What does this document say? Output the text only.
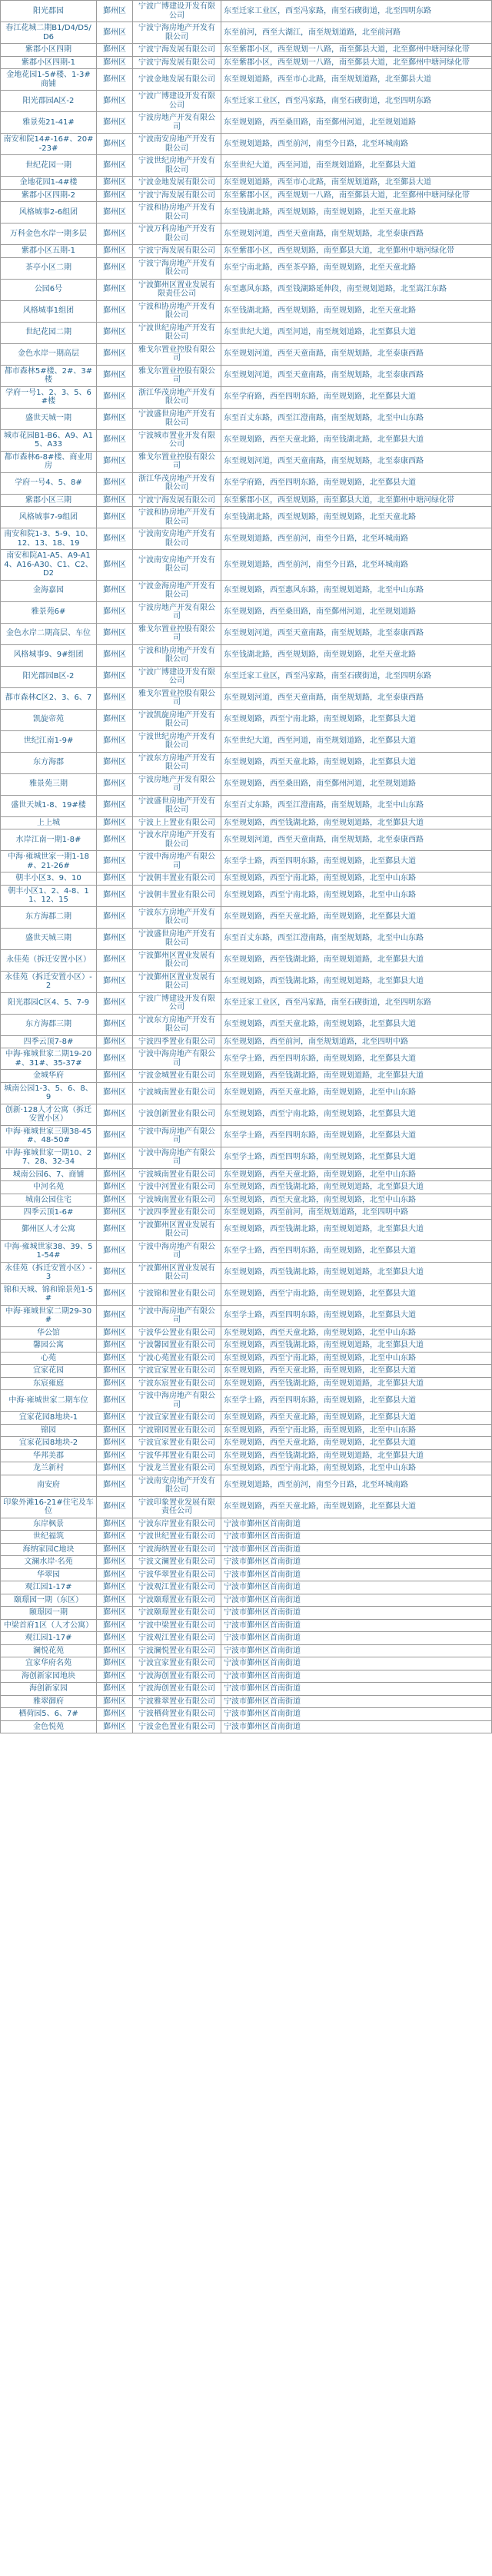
阳光郡园	鄞州区	宁波广博建设开发有限公司	东至迁家工业区，西至冯家路，南至石碶街道，北至四明东路
春江花城二期B1/D4/D5/D6	鄞州区	宁波宁海房地产开发有限公司	东至前河，西至大湖江，南至规划道路，北至前河路
紫郡小区四期	鄞州区	宁波宁海发展有限公司	东至紫郡小区，西至规划一八路，南至鄞县大道，北至鄞州中塘河绿化带
紫郡小区四期-1	鄞州区	宁波宁海发展有限公司	东至紫郡小区，西至规划一八路，南至鄞县大道，北至鄞州中塘河绿化带
金地花园1-5#楼、1-3#商铺	鄞州区	宁波金地发展有限公司	东至规划道路，西至市心北路，南至规划道路，北至鄞县大道
阳光郡园A区-2	鄞州区	宁波广博建设开发有限公司	东至迁家工业区，西至冯家路，南至石碶街道，北至四明东路
雅景苑21-41#	鄞州区	宁波房地产开发有限公司	东至规划路，西至桑田路，南至鄞州河道，北至规划道路
南安和院14#-16#、20#-23#	鄞州区	宁波南安房地产开发有限公司	东至规划道路，西至前河，南至今日路，北至环城南路
世纪花园一期	鄞州区	宁波世纪房地产开发有限公司	东至世纪大道，西至河道，南至规划道路，北至鄞县大道
金地花园1-4#楼	鄞州区	宁波金地发展有限公司	东至规划道路，西至市心北路，南至规划道路，北至鄞县大道
紫郡小区四期-2	鄞州区	宁波宁海发展有限公司	东至紫郡小区，西至规划一八路，南至鄞县大道，北至鄞州中塘河绿化带
风格城事2-6组团	鄞州区	宁波和协房地产开发有限公司	东至钱湖北路，西至规划路，南至规划路，北至天童北路
万科金色水岸一期多层	鄞州区	宁波万科房地产开发有限公司	东至规划河道，西至天童南路，南至规划路，北至泰康西路
紫郡小区五期-1	鄞州区	宁波宁海发展有限公司	东至紫郡小区，西至规划路，南至鄞县大道，北至鄞州中塘河绿化带
茶亭小区二期	鄞州区	宁波宁海房地产开发有限公司	东至宁南北路，西至茶亭路，南至规划路，北至天童北路
公园6号	鄞州区	宁波鄞州区置业发展有限责任公司	东至惠风东路，西至钱湖路延伸段，南至规划道路，北至嵩江东路
风格城事1组团	鄞州区	宁波和协房地产开发有限公司	东至钱湖北路，西至规划路，南至规划路，北至天童北路
世纪花园二期	鄞州区	宁波世纪房地产开发有限公司	东至世纪大道，西至河道，南至规划道路，北至鄞县大道
金色水岸一期高层	鄞州区	雅戈尔置业控股有限公司	东至规划河道，西至天童南路，南至规划路，北至泰康西路
都市森林5#楼、2#、3#楼	鄞州区	雅戈尔置业控股有限公司	东至规划河道，西至天童南路，南至规划路，北至泰康西路
学府一号1、2、3、5、6#楼	鄞州区	浙江华茂房地产开发有限公司	东至学府路，西至四明东路，南至规划路，北至鄞县大道
盛世天城一期	鄞州区	宁波盛世房地产开发有限公司	东至百丈东路，西至江澄南路，南至规划路，北至中山东路
城市花园B1-B6、A9、A15、A33	鄞州区	宁波城市置业开发有限公司	东至规划路，西至天童北路，南至钱湖北路，北至鄞县大道
都市森林6-8#楼、商业用房	鄞州区	雅戈尔置业控股有限公司	东至规划河道，西至天童南路，南至规划路，北至泰康西路
学府一号4、5、8#	鄞州区	浙江华茂房地产开发有限公司	东至学府路，西至四明东路，南至规划路，北至鄞县大道
紫郡小区三期	鄞州区	宁波宁海发展有限公司	东至紫郡小区，西至规划路，南至鄞县大道，北至鄞州中塘河绿化带
风格城事7-9组团	鄞州区	宁波和协房地产开发有限公司	东至钱湖北路，西至规划路，南至规划路，北至天童北路
南安和院1-3、5-9、10、12、13、18、19	鄞州区	宁波南安房地产开发有限公司	东至规划道路，西至前河，南至今日路，北至环城南路
南安和院A1-A5、A9-A14、A16-A30、C1、C2、D2	鄞州区	宁波南安房地产开发有限公司	东至规划道路，西至前河，南至今日路，北至环城南路
金海嘉园	鄞州区	宁波金海房地产开发有限公司	东至规划路，西至惠风东路，南至规划道路，北至中山东路
雅景苑6#	鄞州区	宁波房地产开发有限公司	东至规划路，西至桑田路，南至鄞州河道，北至规划道路
金色水岸二期高层、车位	鄞州区	雅戈尔置业控股有限公司	东至规划河道，西至天童南路，南至规划路，北至泰康西路
风格城事9、9#组团	鄞州区	宁波和协房地产开发有限公司	东至钱湖北路，西至规划路，南至规划路，北至天童北路
阳光郡园B区-2	鄞州区	宁波广博建设开发有限公司	东至迁家工业区，西至冯家路，南至石碶街道，北至四明东路
都市森林C区2、3、6、7	鄞州区	雅戈尔置业控股有限公司	东至规划河道，西至天童南路，南至规划路，北至泰康西路
凯旋帝苑	鄞州区	宁波凯旋房地产开发有限公司	东至规划路，西至宁南北路，南至规划路，北至鄞县大道
世纪江南1-9#	鄞州区	宁波世纪房地产开发有限公司	东至世纪大道，西至河道，南至规划道路，北至鄞县大道
东方海郡	鄞州区	宁波东方房地产开发有限公司	东至规划路，西至天童北路，南至规划路，北至鄞县大道
雅景苑三期	鄞州区	宁波房地产开发有限公司	东至规划路，西至桑田路，南至鄞州河道，北至规划道路
盛世天城1-8、19#楼	鄞州区	宁波盛世房地产开发有限公司	东至百丈东路，西至江澄南路，南至规划路，北至中山东路
上上城	鄞州区	宁波上上置业有限公司	东至规划路，西至钱湖北路，南至规划道路，北至鄞县大道
水岸江南一期1-8#	鄞州区	宁波水岸房地产开发有限公司	东至规划河道，西至天童南路，南至规划路，北至泰康西路
中海·雍城世家一期1-18#、21-26#	鄞州区	宁波中海房地产有限公司	东至学士路，西至四明东路，南至规划路，北至鄞县大道
朝丰小区3、9、10	鄞州区	宁波朝丰置业有限公司	东至规划路，西至宁南北路，南至规划路，北至中山东路
朝丰小区1、2、4-8、11、12、15	鄞州区	宁波朝丰置业有限公司	东至规划路，西至宁南北路，南至规划路，北至中山东路
东方海郡二期	鄞州区	宁波东方房地产开发有限公司	东至规划路，西至天童北路，南至规划路，北至鄞县大道
盛世天城三期	鄞州区	宁波盛世房地产开发有限公司	东至百丈东路，西至江澄南路，南至规划路，北至中山东路
永佳苑（拆迁安置小区）	鄞州区	宁波鄞州区置业发展有限公司	东至规划路，西至钱湖北路，南至规划道路，北至鄞县大道
永佳苑（拆迁安置小区）-2	鄞州区	宁波鄞州区置业发展有限公司	东至规划路，西至钱湖北路，南至规划道路，北至鄞县大道
阳光郡园C区4、5、7-9	鄞州区	宁波广博建设开发有限公司	东至迁家工业区，西至冯家路，南至石碶街道，北至四明东路
东方海郡三期	鄞州区	宁波东方房地产开发有限公司	东至规划路，西至天童北路，南至规划路，北至鄞县大道
四季云顶7-8#	鄞州区	宁波四季置业有限公司	东至规划路，西至前河，南至规划道路，北至四明中路
中海·雍城世家二期19-20#、31#、35-37#	鄞州区	宁波中海房地产有限公司	东至学士路，西至四明东路，南至规划路，北至鄞县大道
金城华府	鄞州区	宁波金城置业有限公司	东至规划路，西至钱湖北路，南至规划道路，北至鄞县大道
城南公园1-3、5、6、8、9	鄞州区	宁波城南置业有限公司	东至规划路，西至天童北路，南至规划路，北至中山东路
创新·128人才公寓（拆迁安置小区）	鄞州区	宁波创新置业有限公司	东至规划路，西至宁南北路，南至规划路，北至鄞县大道
中海·雍城世家三期38-45#、48-50#	鄞州区	宁波中海房地产有限公司	东至学士路，西至四明东路，南至规划路，北至鄞县大道
中海·雍城世家一期10、27、28、32-34	鄞州区	宁波中海房地产有限公司	东至学士路，西至四明东路，南至规划路，北至鄞县大道
城南公园6、7、商铺	鄞州区	宁波城南置业有限公司	东至规划路，西至天童北路，南至规划路，北至中山东路
中河名苑	鄞州区	宁波中河置业有限公司	东至规划路，西至钱湖北路，南至规划道路，北至鄞县大道
城南公园住宅	鄞州区	宁波城南置业有限公司	东至规划路，西至天童北路，南至规划路，北至中山东路
四季云顶1-6#	鄞州区	宁波四季置业有限公司	东至规划路，西至前河，南至规划道路，北至四明中路
鄞州区人才公寓	鄞州区	宁波鄞州区置业发展有限公司	东至规划路，西至钱湖北路，南至规划道路，北至鄞县大道
中海·雍城世家38、39、51-54#	鄞州区	宁波中海房地产有限公司	东至学士路，西至四明东路，南至规划路，北至鄞县大道
永佳苑（拆迁安置小区）-3	鄞州区	宁波鄞州区置业发展有限公司	东至规划路，西至钱湖北路，南至规划道路，北至鄞县大道
锦和天城、锦和锦景苑1-5#	鄞州区	宁波锦和置业有限公司	东至规划路，西至宁南北路，南至规划路，北至鄞县大道
中海·雍城世家二期29-30#	鄞州区	宁波中海房地产有限公司	东至学士路，西至四明东路，南至规划路，北至鄞县大道
华公馆	鄞州区	宁波华公置业有限公司	东至规划路，西至天童北路，南至规划路，北至中山东路
馨园公寓	鄞州区	宁波馨园置业有限公司	东至规划路，西至钱湖北路，南至规划道路，北至鄞县大道
心苑	鄞州区	宁波心苑置业有限公司	东至规划路，西至宁南北路，南至规划路，北至中山东路
宜家花园	鄞州区	宁波宜家置业有限公司	东至规划路，西至天童北路，南至规划路，北至鄞县大道
东宸雍庭	鄞州区	宁波东宸置业有限公司	东至规划路，西至钱湖北路，南至规划道路，北至鄞县大道
中海·雍城世家二期车位	鄞州区	宁波中海房地产有限公司	东至学士路，西至四明东路，南至规划路，北至鄞县大道
宜家花园8地块-1	鄞州区	宁波宜家置业有限公司	东至规划路，西至天童北路，南至规划路，北至鄞县大道
锦园	鄞州区	宁波锦园置业有限公司	东至规划路，西至宁南北路，南至规划路，北至中山东路
宜家花园8地块-2	鄞州区	宁波宜家置业有限公司	东至规划路，西至天童北路，南至规划路，北至鄞县大道
华邦美郡	鄞州区	宁波华邦置业有限公司	东至规划路，西至钱湖北路，南至规划道路，北至鄞县大道
龙兰新村	鄞州区	宁波龙兰置业有限公司	东至规划路，西至宁南北路，南至规划路，北至中山东路
南安府	鄞州区	宁波南安房地产开发有限公司	东至规划道路，西至前河，南至今日路，北至环城南路
印象外滩16-21#住宅及车位	鄞州区	宁波印象置业发展有限责任公司	东至规划路，西至天童北路，南至规划路，北至鄞县大道
东岸枫景	鄞州区	宁波东岸置业有限公司	宁波市鄞州区首南街道
世纪福筑	鄞州区	宁波世纪置业有限公司	宁波市鄞州区首南街道
海纳家园C地块	鄞州区	宁波海纳置业有限公司	宁波市鄞州区首南街道
文澜水岸·名苑	鄞州区	宁波文澜置业有限公司	宁波市鄞州区首南街道
华翠园	鄞州区	宁波华翠置业有限公司	宁波市鄞州区首南街道
观江园1-17#	鄞州区	宁波观江置业有限公司	宁波市鄞州区首南街道
颐璟园一期（东区）	鄞州区	宁波颐璟置业有限公司	宁波市鄞州区首南街道
颐璟园一期	鄞州区	宁波颐璟置业有限公司	宁波市鄞州区首南街道
中梁首府1区（人才公寓）	鄞州区	宁波中梁置业有限公司	宁波市鄞州区首南街道
观江园1-17#	鄞州区	宁波观江置业有限公司	宁波市鄞州区首南街道
澜悦花苑	鄞州区	宁波澜悦置业有限公司	宁波市鄞州区首南街道
宜家华府名苑	鄞州区	宁波宜家置业有限公司	宁波市鄞州区首南街道
海创新家园地块	鄞州区	宁波海创置业有限公司	宁波市鄞州区首南街道
海创新家园	鄞州区	宁波海创置业有限公司	宁波市鄞州区首南街道
雅翠御府	鄞州区	宁波雅翠置业有限公司	宁波市鄞州区首南街道
栖荷园5、6、7#	鄞州区	宁波栖荷置业有限公司	宁波市鄞州区首南街道
金色悦苑	鄞州区	宁波金色置业有限公司	宁波市鄞州区首南街道
